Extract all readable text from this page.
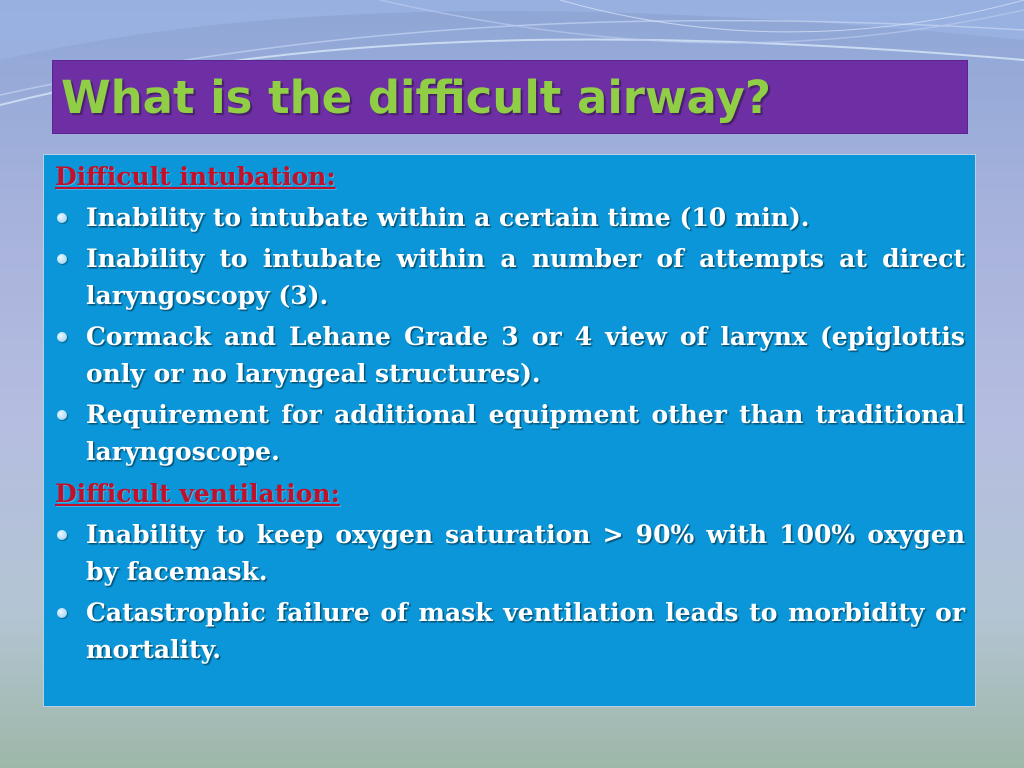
What is the difficult airway?

Difficult intubation:

Inability to intubate within a certain time (10 min).
Inability to intubate within a number of attempts at direct laryngoscopy (3).
Cormack and Lehane Grade 3 or 4 view of larynx (epiglottis only or no laryngeal structures).
Requirement for additional equipment other than traditional laryngoscope.

Difficult ventilation:

Inability to keep oxygen saturation > 90% with 100% oxygen by facemask.
Catastrophic failure of mask ventilation leads to morbidity or mortality.
